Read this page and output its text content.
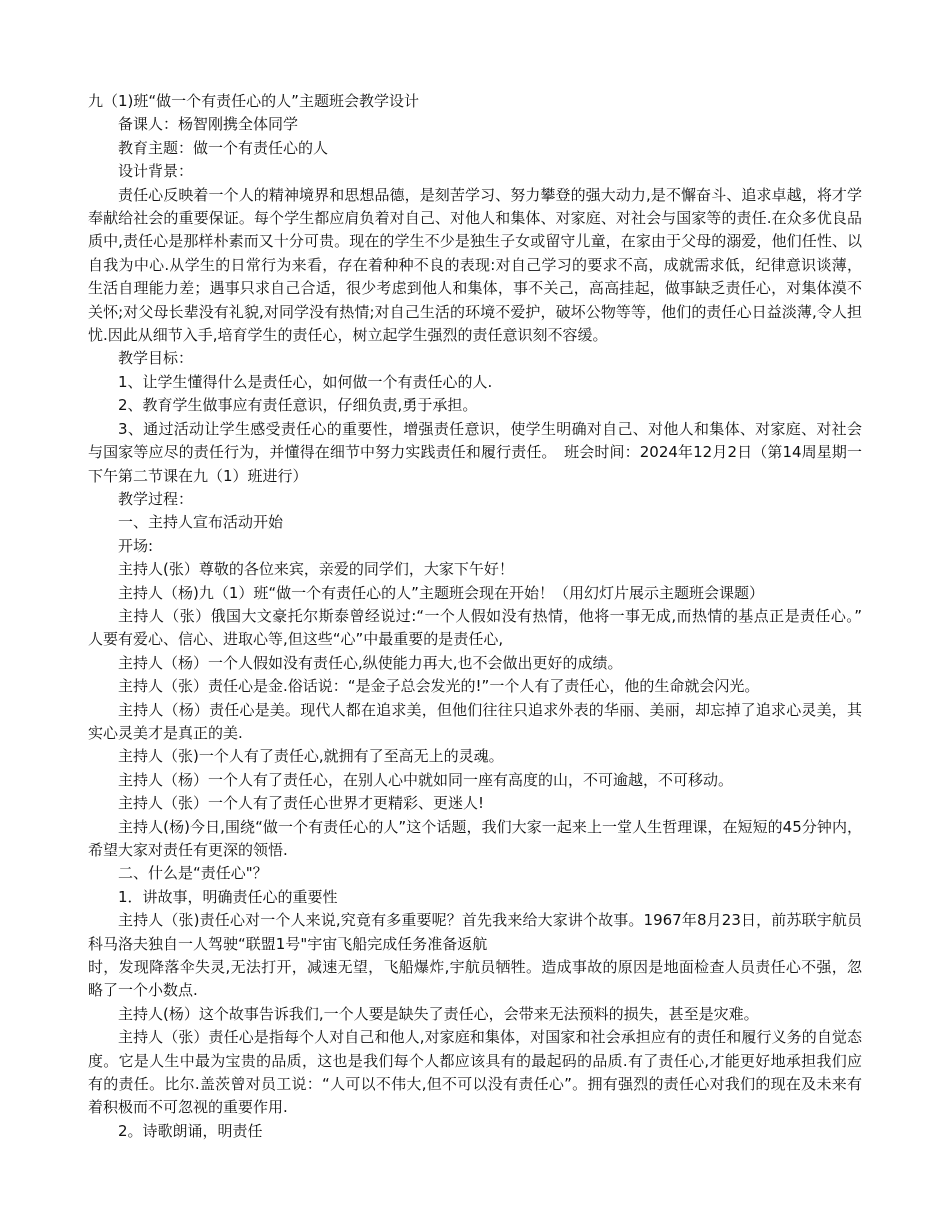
九（1)班“做一个有责任心的人”主题班会教学设计

备课人：杨智刚携全体同学

教育主题：做一个有责任心的人

设计背景：

责任心反映着一个人的精神境界和思想品德，是刻苦学习、努力攀登的强大动力,是不懈奋斗、追求卓越，将才学奉献给社会的重要保证。每个学生都应肩负着对自己、对他人和集体、对家庭、对社会与国家等的责任.在众多优良品质中,责任心是那样朴素而又十分可贵。现在的学生不少是独生子女或留守儿童，在家由于父母的溺爱，他们任性、以自我为中心.从学生的日常行为来看，存在着种种不良的表现:对自己学习的要求不高，成就需求低，纪律意识谈薄，生活自理能力差；遇事只求自己合适，很少考虑到他人和集体，事不关己，高高挂起，做事缺乏责任心，对集体漠不关怀;对父母长辈没有礼貌,对同学没有热情;对自己生活的环境不爱护，破坏公物等等，他们的责任心日益淡薄,令人担忧.因此从细节入手,培育学生的责任心，树立起学生强烈的责任意识刻不容缓。

教学目标：

1、让学生懂得什么是责任心，如何做一个有责任心的人.

2、教育学生做事应有责任意识，仔细负责,勇于承担。

3、通过活动让学生感受责任心的重要性，增强责任意识，使学生明确对自己、对他人和集体、对家庭、对社会与国家等应尽的责任行为，并懂得在细节中努力实践责任和履行责任。　班会时间：2024年12月2日（第14周星期一下午第二节课在九（1）班进行）

教学过程：

一、主持人宣布活动开始

开场:

主持人(张）尊敬的各位来宾，亲爱的同学们，大家下午好！

主持人（杨)九（1）班“做一个有责任心的人”主题班会现在开始！（用幻灯片展示主题班会课题）

主持人（张）俄国大文豪托尔斯泰曾经说过:“一个人假如没有热情，他将一事无成,而热情的基点正是责任心。”　人要有爱心、信心、进取心等,但这些“心”中最重要的是责任心,

主持人（杨）一个人假如没有责任心,纵使能力再大,也不会做出更好的成绩。

主持人（张）责任心是金.俗话说：“是金子总会发光的!”一个人有了责任心，他的生命就会闪光。

主持人（杨）责任心是美。现代人都在追求美，但他们往往只追求外表的华丽、美丽，却忘掉了追求心灵美，其实心灵美才是真正的美.

主持人（张)一个人有了责任心,就拥有了至高无上的灵魂。

主持人（杨）一个人有了责任心，在别人心中就如同一座有高度的山，不可逾越，不可移动。

主持人（张）一个人有了责任心世界才更精彩、更迷人!

主持人(杨)今日,围绕“做一个有责任心的人”这个话题，我们大家一起来上一堂人生哲理课，在短短的45分钟内，希望大家对责任有更深的领悟.

二、什么是“责任心"？

1．讲故事，明确责任心的重要性

主持人（张)责任心对一个人来说,究竟有多重要呢？首先我来给大家讲个故事。1967年8月23日，前苏联宇航员科马洛夫独自一人驾驶“联盟1号"宇宙飞船完成任务准备返航

时，发现降落伞失灵,无法打开，减速无望，飞船爆炸,宇航员牺牲。造成事故的原因是地面检查人员责任心不强，忽略了一个小数点.

主持人(杨）这个故事告诉我们,一个人要是缺失了责任心，会带来无法预料的损失，甚至是灾难。

主持人（张）责任心是指每个人对自己和他人,对家庭和集体，对国家和社会承担应有的责任和履行义务的自觉态度。它是人生中最为宝贵的品质，这也是我们每个人都应该具有的最起码的品质.有了责任心,才能更好地承担我们应有的责任。比尔.盖茨曾对员工说：“人可以不伟大,但不可以没有责任心”。拥有强烈的责任心对我们的现在及未来有着积极而不可忽视的重要作用.

2。诗歌朗诵，明责任
